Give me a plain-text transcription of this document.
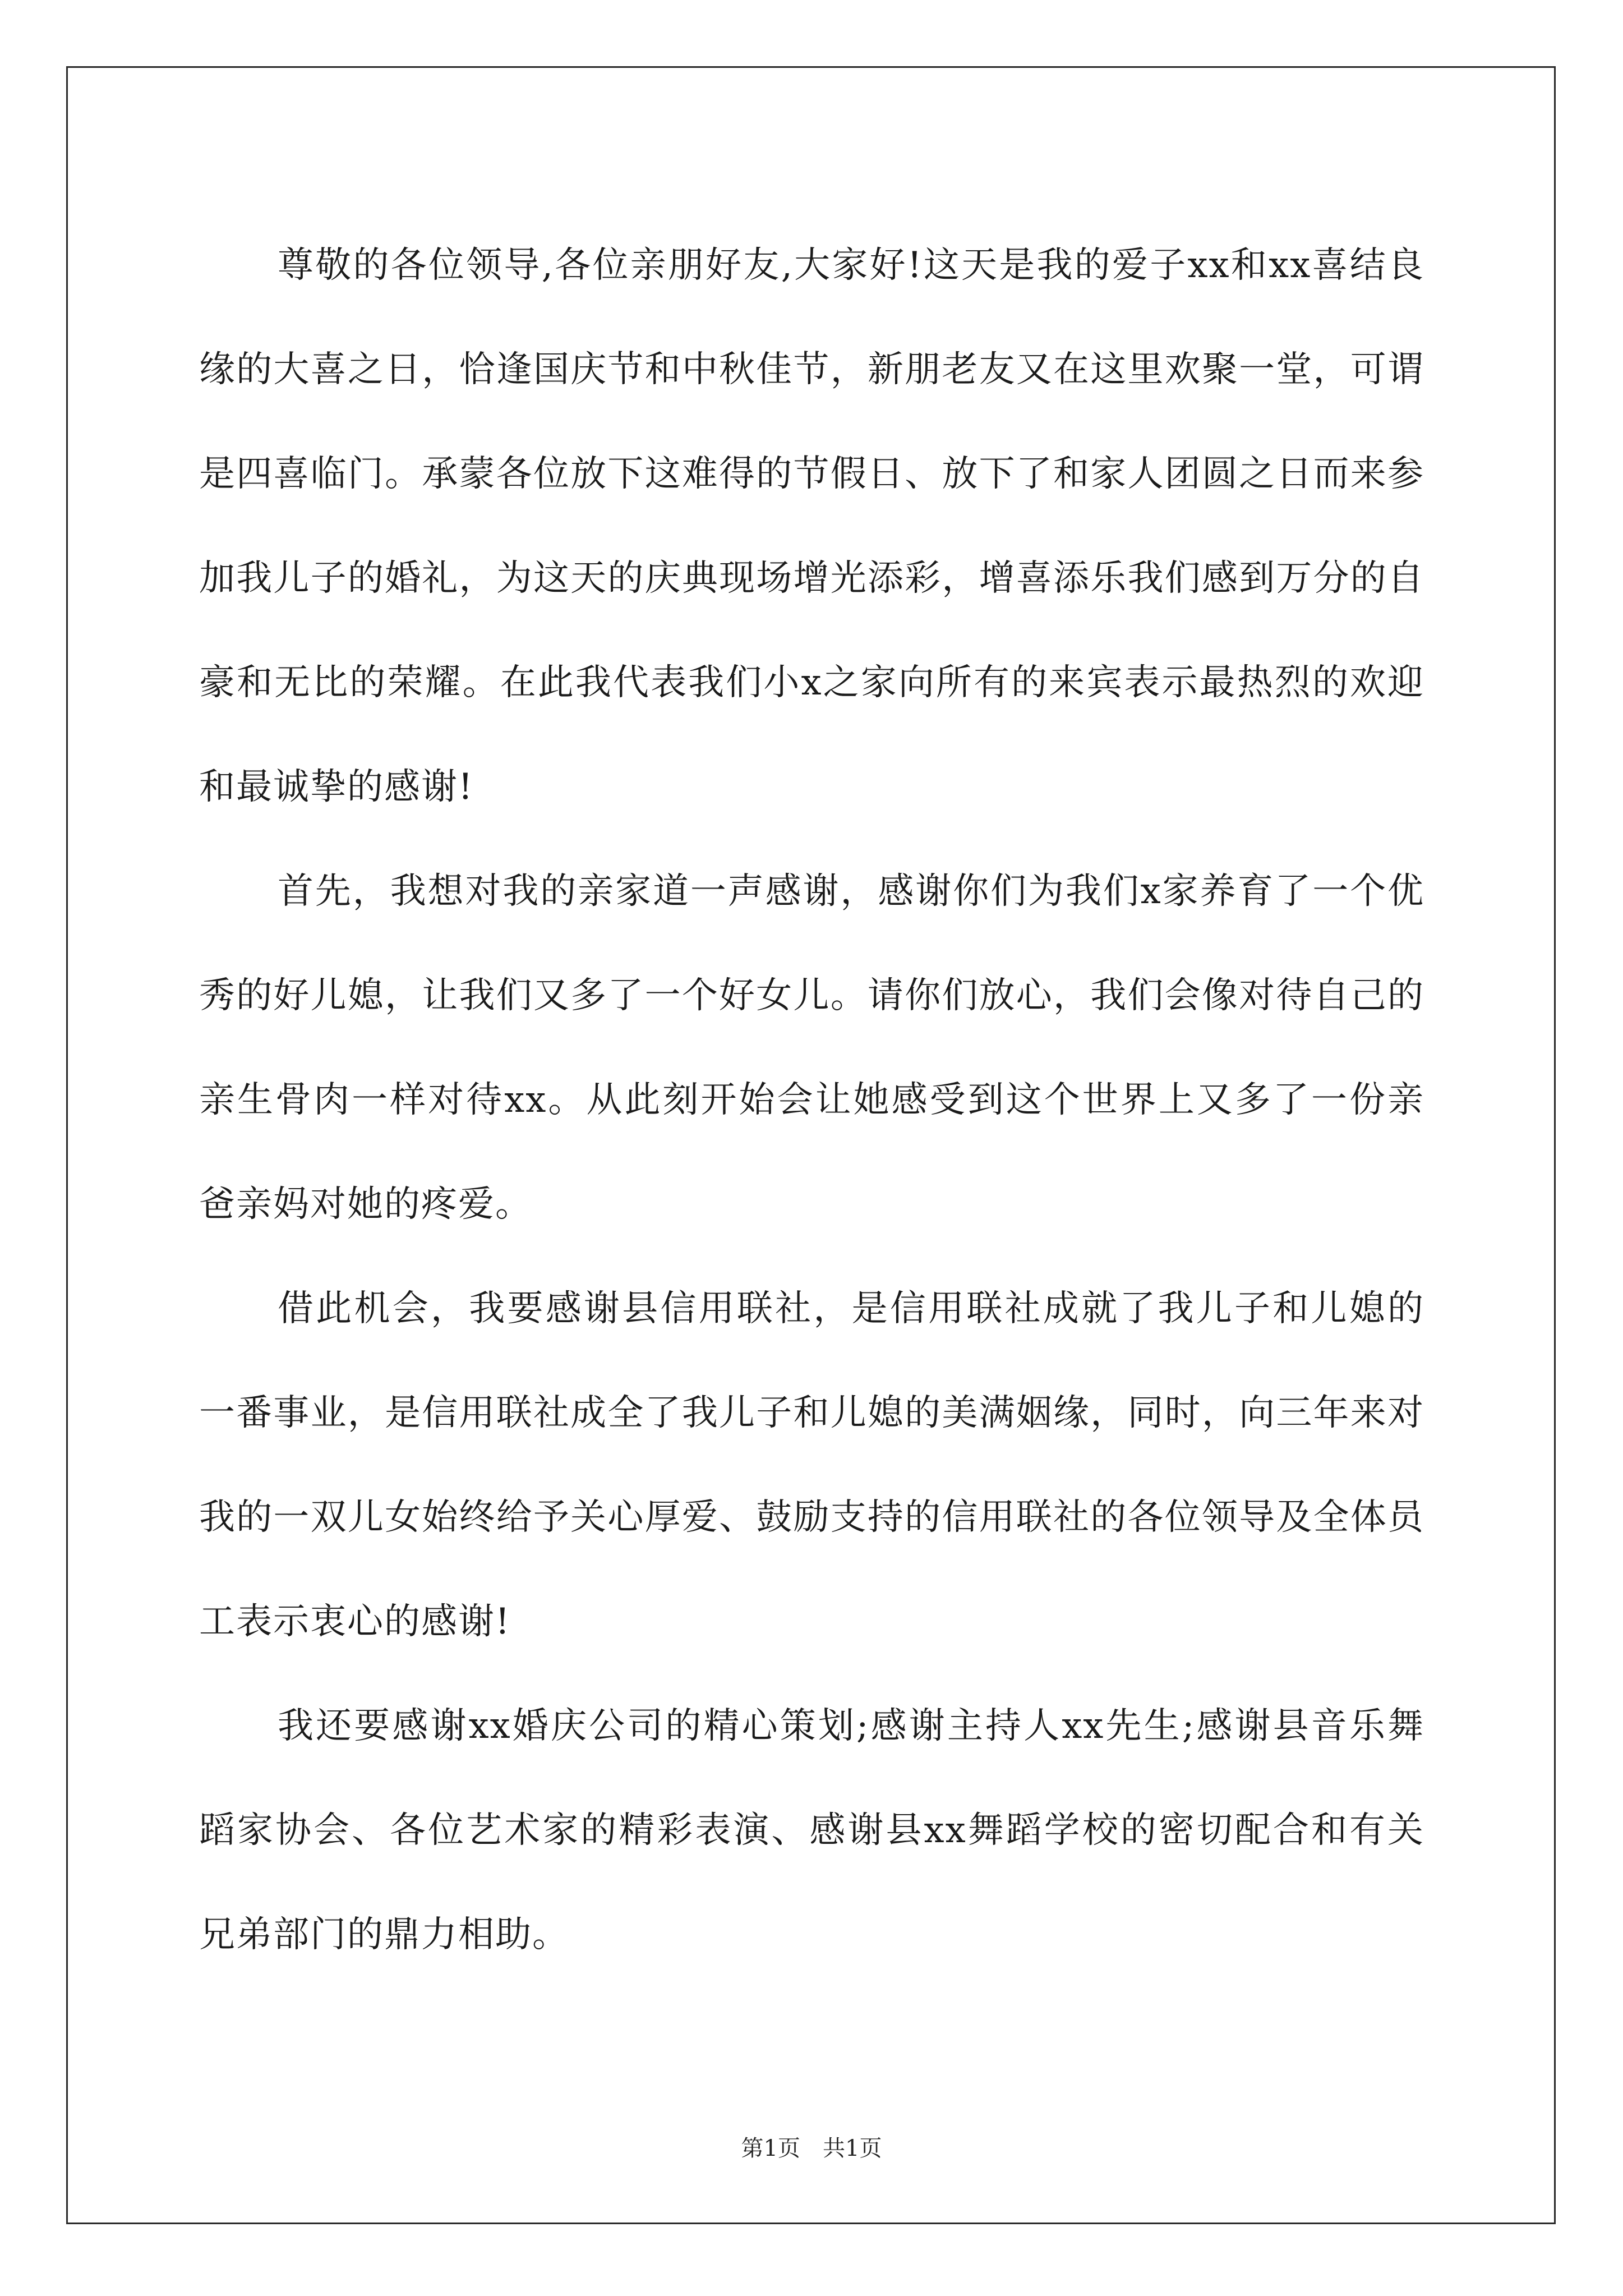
尊敬的各位领导,各位亲朋好友,大家好!这天是我的爱子xx和xx喜结良缘的大喜之日，恰逢国庆节和中秋佳节，新朋老友又在这里欢聚一堂，可谓是四喜临门。承蒙各位放下这难得的节假日、放下了和家人团圆之日而来参加我儿子的婚礼，为这天的庆典现场增光添彩，增喜添乐我们感到万分的自豪和无比的荣耀。在此我代表我们小x之家向所有的来宾表示最热烈的欢迎和最诚挚的感谢!

首先，我想对我的亲家道一声感谢，感谢你们为我们x家养育了一个优秀的好儿媳，让我们又多了一个好女儿。请你们放心，我们会像对待自己的亲生骨肉一样对待xx。从此刻开始会让她感受到这个世界上又多了一份亲爸亲妈对她的疼爱。

借此机会，我要感谢县信用联社，是信用联社成就了我儿子和儿媳的一番事业，是信用联社成全了我儿子和儿媳的美满姻缘，同时，向三年来对我的一双儿女始终给予关心厚爱、鼓励支持的信用联社的各位领导及全体员工表示衷心的感谢!

我还要感谢xx婚庆公司的精心策划;感谢主持人xx先生;感谢县音乐舞蹈家协会、各位艺术家的精彩表演、感谢县xx舞蹈学校的密切配合和有关兄弟部门的鼎力相助。

第1页 共1页
